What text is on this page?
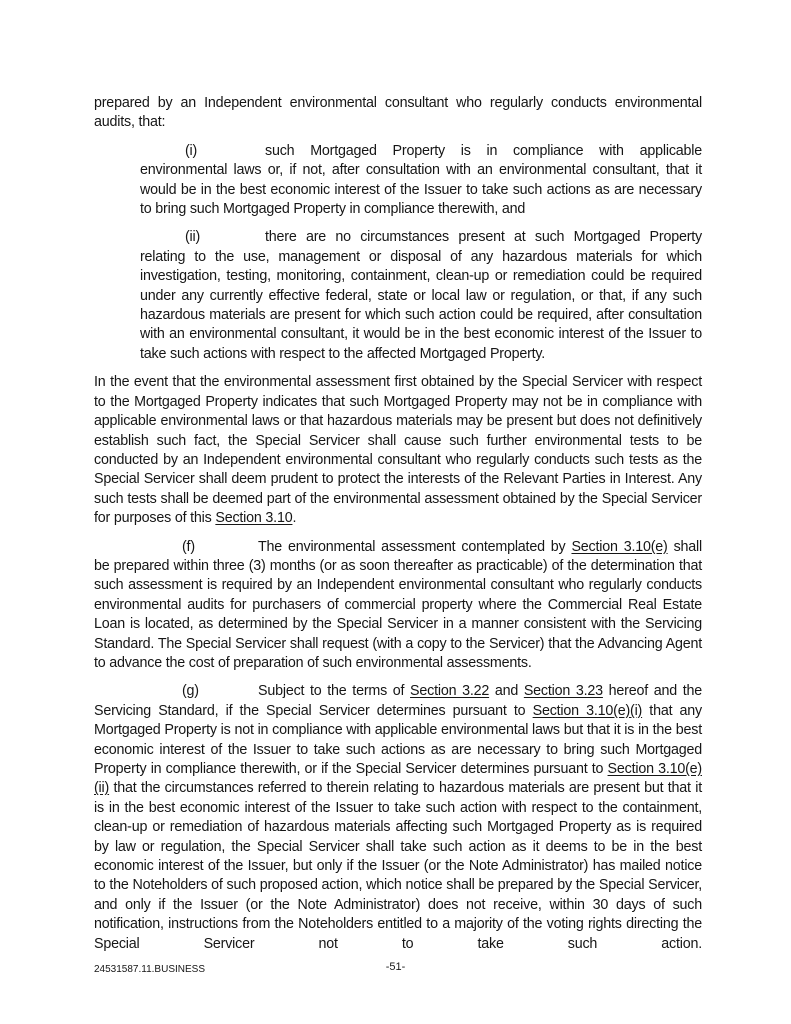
prepared by an Independent environmental consultant who regularly conducts environmental audits, that:

(i)	such Mortgaged Property is in compliance with applicable environmental laws or, if not, after consultation with an environmental consultant, that it would be in the best economic interest of the Issuer to take such actions as are necessary to bring such Mortgaged Property in compliance therewith, and

(ii)	there are no circumstances present at such Mortgaged Property relating to the use, management or disposal of any hazardous materials for which investigation, testing, monitoring, containment, clean-up or remediation could be required under any currently effective federal, state or local law or regulation, or that, if any such hazardous materials are present for which such action could be required, after consultation with an environmental consultant, it would be in the best economic interest of the Issuer to take such actions with respect to the affected Mortgaged Property.

In the event that the environmental assessment first obtained by the Special Servicer with respect to the Mortgaged Property indicates that such Mortgaged Property may not be in compliance with applicable environmental laws or that hazardous materials may be present but does not definitively establish such fact, the Special Servicer shall cause such further environmental tests to be conducted by an Independent environmental consultant who regularly conducts such tests as the Special Servicer shall deem prudent to protect the interests of the Relevant Parties in Interest. Any such tests shall be deemed part of the environmental assessment obtained by the Special Servicer for purposes of this Section 3.10.

(f)	The environmental assessment contemplated by Section 3.10(e) shall be prepared within three (3) months (or as soon thereafter as practicable) of the determination that such assessment is required by an Independent environmental consultant who regularly conducts environmental audits for purchasers of commercial property where the Commercial Real Estate Loan is located, as determined by the Special Servicer in a manner consistent with the Servicing Standard. The Special Servicer shall request (with a copy to the Servicer) that the Advancing Agent to advance the cost of preparation of such environmental assessments.

(g)	Subject to the terms of Section 3.22 and Section 3.23 hereof and the Servicing Standard, if the Special Servicer determines pursuant to Section 3.10(e)(i) that any Mortgaged Property is not in compliance with applicable environmental laws but that it is in the best economic interest of the Issuer to take such actions as are necessary to bring such Mortgaged Property in compliance therewith, or if the Special Servicer determines pursuant to Section 3.10(e)(ii) that the circumstances referred to therein relating to hazardous materials are present but that it is in the best economic interest of the Issuer to take such action with respect to the containment, clean-up or remediation of hazardous materials affecting such Mortgaged Property as is required by law or regulation, the Special Servicer shall take such action as it deems to be in the best economic interest of the Issuer, but only if the Issuer (or the Note Administrator) has mailed notice to the Noteholders of such proposed action, which notice shall be prepared by the Special Servicer, and only if the Issuer (or the Note Administrator) does not receive, within 30 days of such notification, instructions from the Noteholders entitled to a majority of the voting rights directing the Special Servicer not to take such action.

24531587.11.BUSINESS	-51-
